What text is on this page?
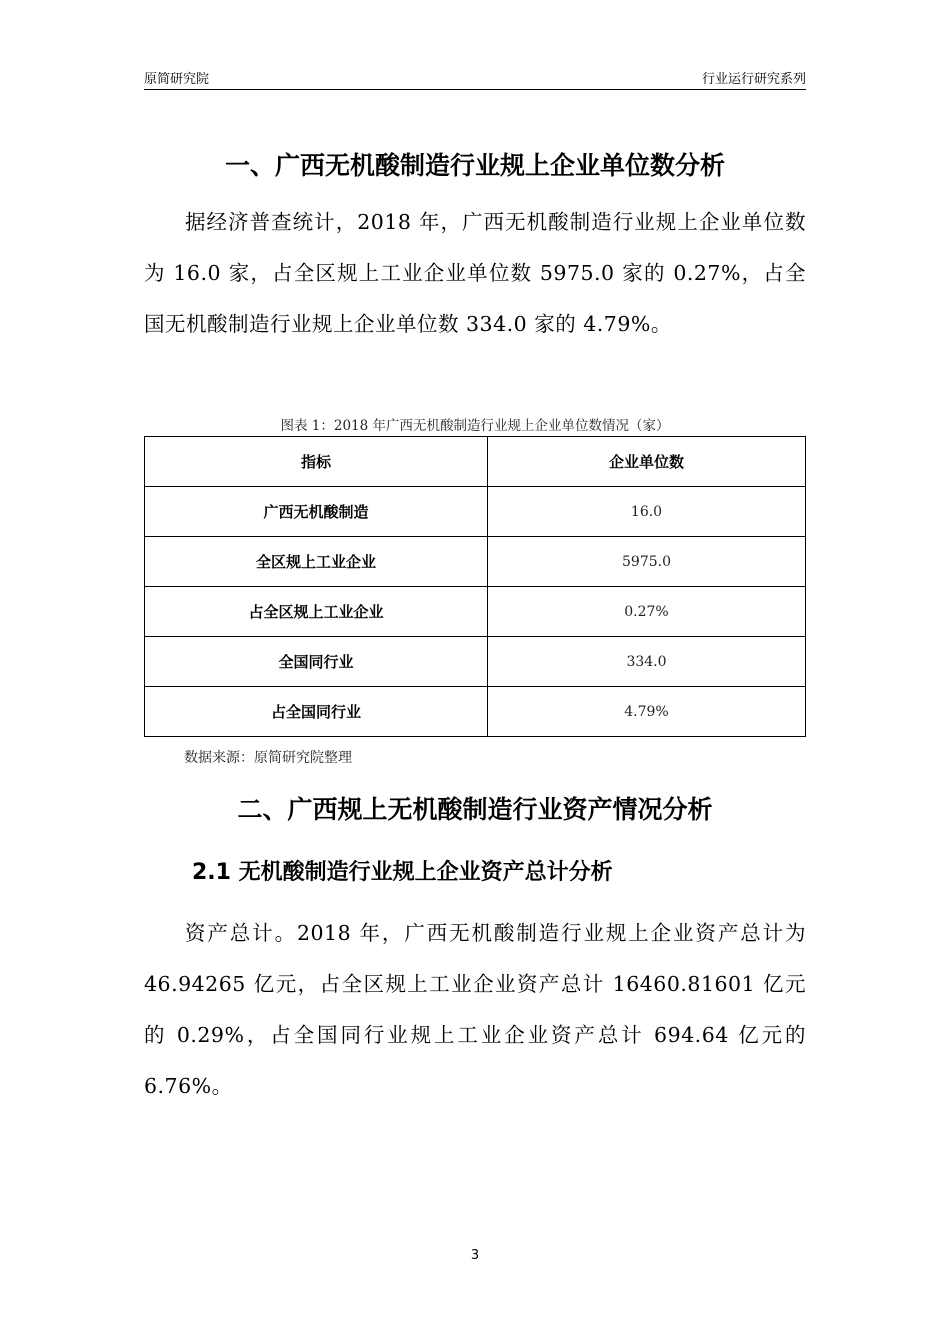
原简研究院	行业运行研究系列
一、广西无机酸制造行业规上企业单位数分析
据经济普查统计，2018 年，广西无机酸制造行业规上企业单位数为 16.0 家，占全区规上工业企业单位数 5975.0 家的 0.27%，占全国无机酸制造行业规上企业单位数 334.0 家的 4.79%。
图表 1：2018 年广西无机酸制造行业规上企业单位数情况（家）
指标	企业单位数
广西无机酸制造	16.0
全区规上工业企业	5975.0
占全区规上工业企业	0.27%
全国同行业	334.0
占全国同行业	4.79%
数据来源：原简研究院整理
二、广西规上无机酸制造行业资产情况分析
2.1 无机酸制造行业规上企业资产总计分析
资产总计。2018 年，广西无机酸制造行业规上企业资产总计为 46.94265 亿元，占全区规上工业企业资产总计 16460.81601 亿元的 0.29%，占全国同行业规上工业企业资产总计 694.64 亿元的 6.76%。
3
